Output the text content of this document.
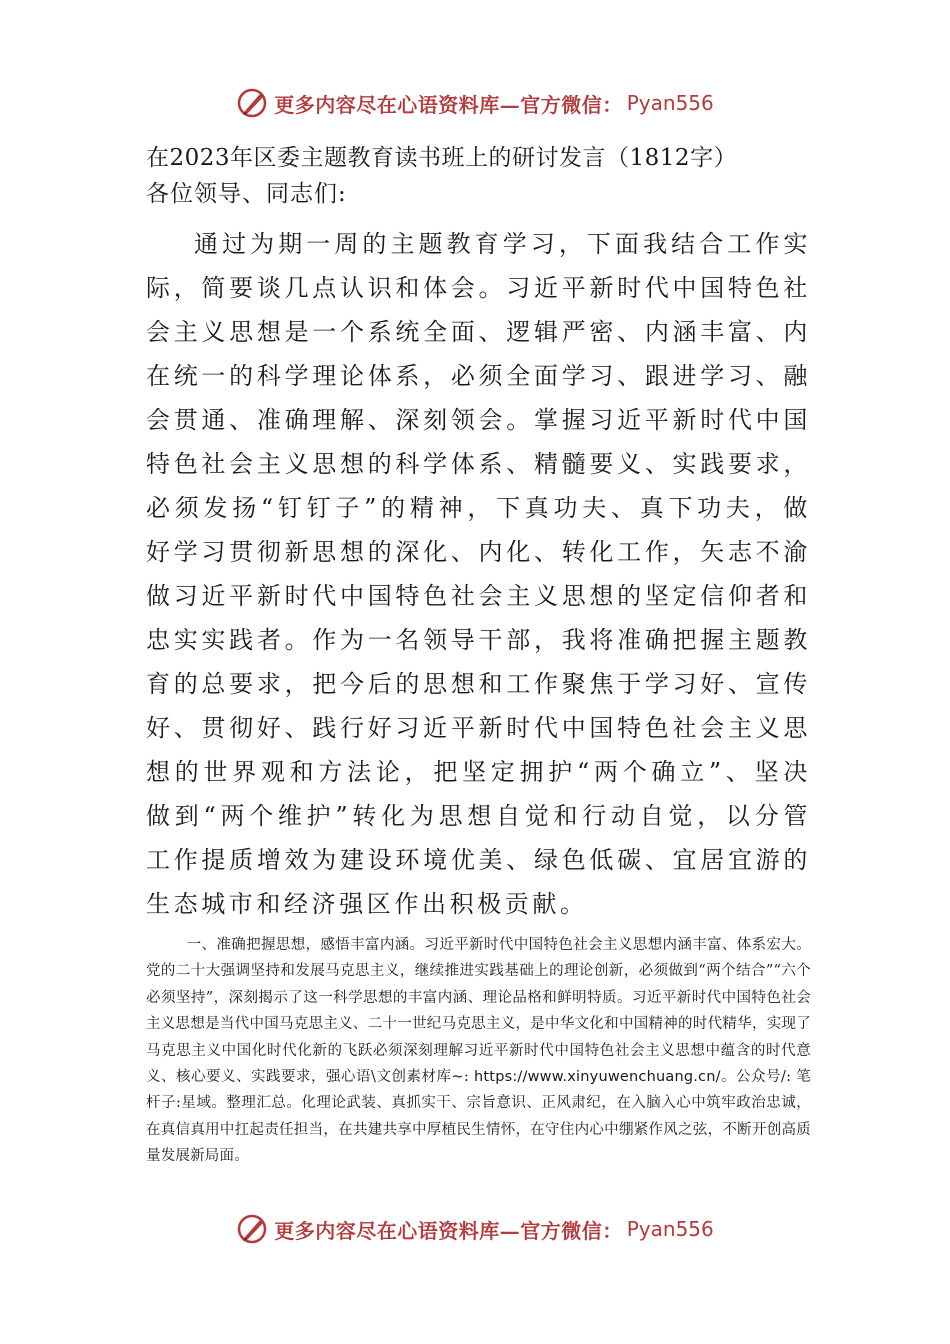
更多内容尽在心语资料库—官方微信： Pyan556
在2023年区委主题教育读书班上的研讨发言（1812字）
各位领导、同志们:

通过为期一周的主题教育学习，下面我结合工作实际，简要谈几点认识和体会。习近平新时代中国特色社会主义思想是一个系统全面、逻辑严密、内涵丰富、内在统一的科学理论体系，必须全面学习、跟进学习、融会贯通、准确理解、深刻领会。掌握习近平新时代中国特色社会主义思想的科学体系、精髓要义、实践要求，必须发扬“钉钉子”的精神，下真功夫、真下功夫，做好学习贯彻新思想的深化、内化、转化工作，矢志不渝做习近平新时代中国特色社会主义思想的坚定信仰者和忠实实践者。作为一名领导干部，我将准确把握主题教育的总要求，把今后的思想和工作聚焦于学习好、宣传好、贯彻好、践行好习近平新时代中国特色社会主义思想的世界观和方法论，把坚定拥护“两个确立”、坚决做到“两个维护”转化为思想自觉和行动自觉，以分管工作提质增效为建设环境优美、绿色低碳、宜居宜游的生态城市和经济强区作出积极贡献。

一、准确把握思想，感悟丰富内涵。习近平新时代中国特色社会主义思想内涵丰富、体系宏大。党的二十大强调坚持和发展马克思主义，继续推进实践基础上的理论创新，必须做到“两个结合”“六个必须坚持”，深刻揭示了这一科学思想的丰富内涵、理论品格和鲜明特质。习近平新时代中国特色社会主义思想是当代中国马克思主义、二十一世纪马克思主义，是中华文化和中国精神的时代精华，实现了马克思主义中国化时代化新的飞跃必须深刻理解习近平新时代中国特色社会主义思想中蕴含的时代意义、核心要义、实践要求，强心语\文创素材库~: https://www.xinyuwenchuang.cn/。公众号/: 笔杆子:星域。整理汇总。化理论武装、真抓实干、宗旨意识、正风肃纪，在入脑入心中筑牢政治忠诚，在真信真用中扛起责任担当，在共建共享中厚植民生情怀，在守住内心中绷紧作风之弦，不断开创高质量发展新局面。
更多内容尽在心语资料库—官方微信： Pyan556
